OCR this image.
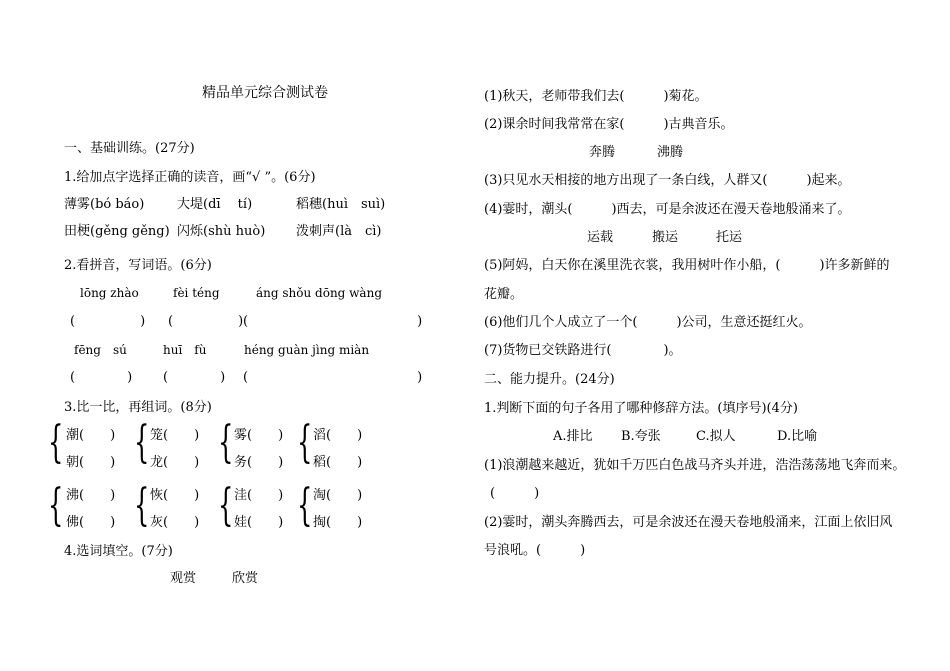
精品单元综合测试卷
一、基础训练。(27分)
1.给加点字选择正确的读音，画“√ ”。(6分)
薄雾(bó báo)	大堤(dī　 tí)	稻穗(huì　suì)
田梗(gěng gěng) 闪烁(shù huò) 泼刺声(là　cì)
2.看拼音，写词语。(6分)
lōng zhào	fèi téng	áng shǒu dōng wàng
(　　　　　) (　　　　　) (　　　　　　　　　　　　　)
fēng　sú	huī　fù	héng guàn jìng miàn
(　　　　) (　　　　) (　　　　　　　　　　　　　)
3.比一比，再组词。(8分)
{ 潮(　　)
朝(　　) { 笼(　　)
龙(　　) { 雾(　　)
务(　　) { 滔(　　)
稻(　　)
{ 沸(　　)
佛(　　) { 恢(　　)
灰(　　) { 洼(　　)
娃(　　) { 淘(　　)
掏(　　)
4.选词填空。(7分)
观赏	欣赏
(1)秋天，老师带我们去(　　　)菊花。
(2)课余时间我常常在家(　　　)古典音乐。
奔腾	沸腾
(3)只见水天相接的地方出现了一条白线，人群又(　　　)起来。
(4)霎时，潮头(　　　)西去，可是余波还在漫天卷地般涌来了。
运载	搬运	托运
(5)阿妈，白天你在溪里洗衣裳，我用树叶作小船，(　　　)许多新鲜的
花瓣。
(6)他们几个人成立了一个(　　　)公司，生意还挺红火。
(7)货物已交铁路进行(　　　　)。
二、能力提升。(24分)
1.判断下面的句子各用了哪种修辞方法。(填序号)(4分)
A.排比 B.夸张	C.拟人	D.比喻
(1)浪潮越来越近，犹如千万匹白色战马齐头并进，浩浩荡荡地飞奔而来。
(　　　)
(2)霎时，潮头奔腾西去，可是余波还在漫天卷地般涌来，江面上依旧风
号浪吼。(　　　)
